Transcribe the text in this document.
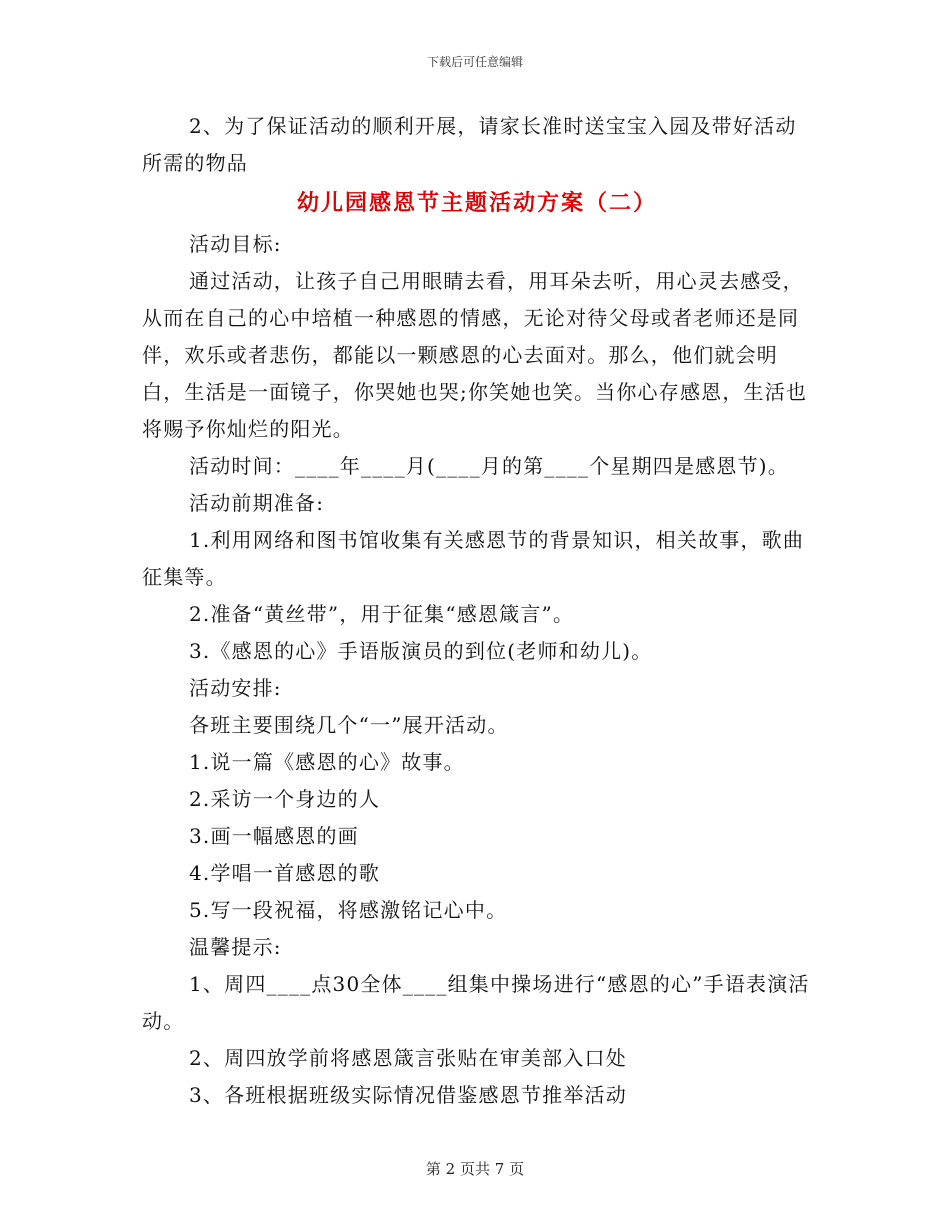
下载后可任意编辑

2、为了保证活动的顺利开展，请家长准时送宝宝入园及带好活动所需的物品

幼儿园感恩节主题活动方案（二）

活动目标:

通过活动，让孩子自己用眼睛去看，用耳朵去听，用心灵去感受，从而在自己的心中培植一种感恩的情感，无论对待父母或者老师还是同伴，欢乐或者悲伤，都能以一颗感恩的心去面对。那么，他们就会明白，生活是一面镜子，你哭她也哭;你笑她也笑。当你心存感恩，生活也将赐予你灿烂的阳光。

活动时间：____年____月(____月的第____个星期四是感恩节)。

活动前期准备:

1.利用网络和图书馆收集有关感恩节的背景知识，相关故事，歌曲征集等。

2.准备“黄丝带”，用于征集“感恩箴言”。

3.《感恩的心》手语版演员的到位(老师和幼儿)。

活动安排:

各班主要围绕几个“一”展开活动。

1.说一篇《感恩的心》故事。

2.采访一个身边的人

3.画一幅感恩的画

4.学唱一首感恩的歌

5.写一段祝福，将感激铭记心中。

温馨提示:

1、周四____点30全体____组集中操场进行“感恩的心”手语表演活动。

2、周四放学前将感恩箴言张贴在审美部入口处

3、各班根据班级实际情况借鉴感恩节推举活动

第 2 页共 7 页
